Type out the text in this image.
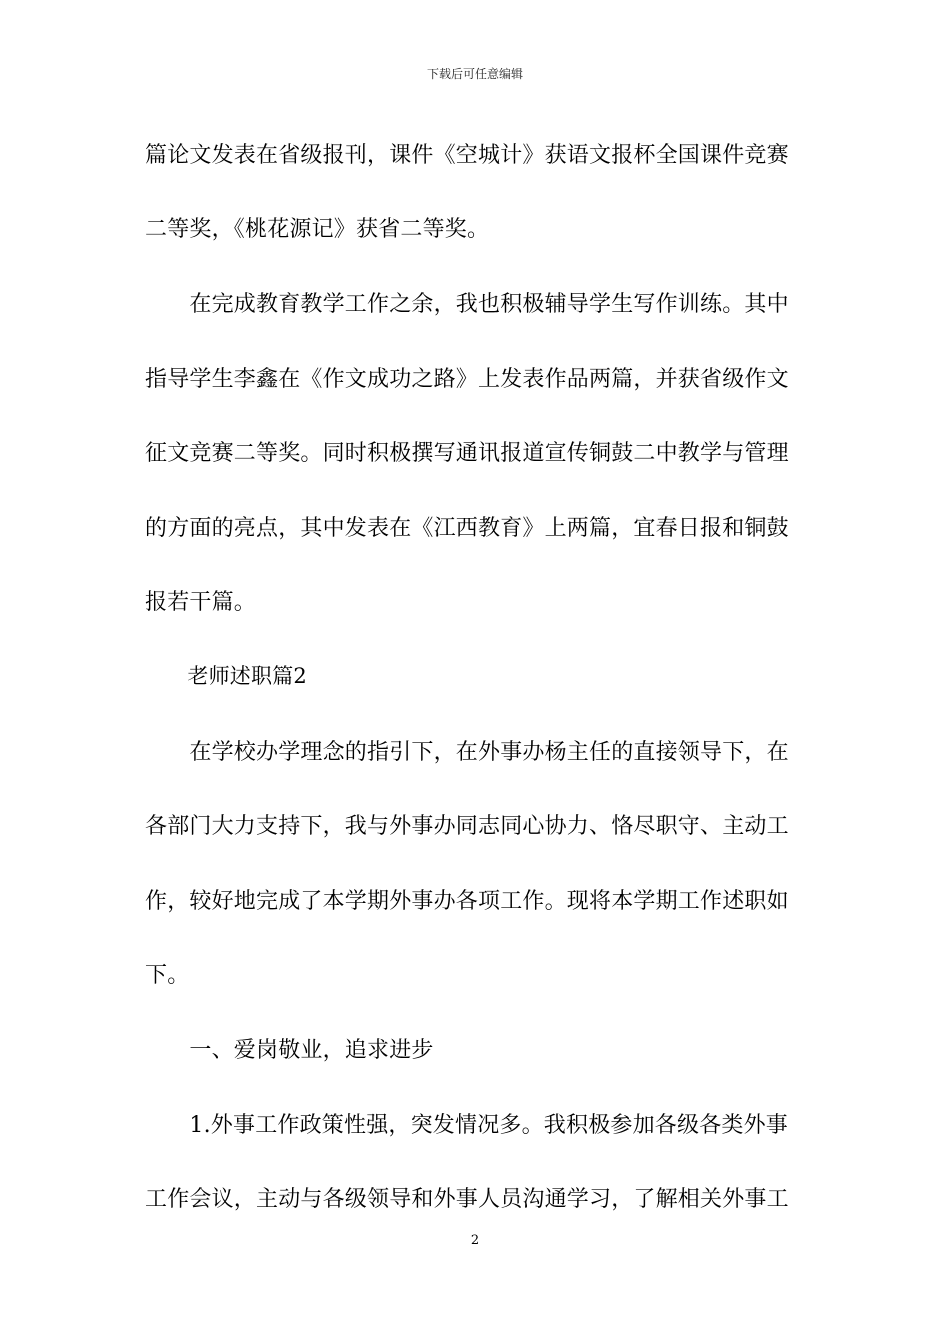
下载后可任意编辑
篇论文发表在省级报刊，课件《空城计》获语文报杯全国课件竞赛
二等奖，《桃花源记》获省二等奖。
　　在完成教育教学工作之余，我也积极辅导学生写作训练。其中
指导学生李鑫在《作文成功之路》上发表作品两篇，并获省级作文
征文竞赛二等奖。同时积极撰写通讯报道宣传铜鼓二中教学与管理
的方面的亮点，其中发表在《江西教育》上两篇，宜春日报和铜鼓
报若干篇。
　　老师述职篇2
　　在学校办学理念的指引下，在外事办杨主任的直接领导下，在
各部门大力支持下，我与外事办同志同心协力、恪尽职守、主动工
作，较好地完成了本学期外事办各项工作。现将本学期工作述职如
下。
　　一、爱岗敬业，追求进步
　　1.外事工作政策性强，突发情况多。我积极参加各级各类外事
工作会议，主动与各级领导和外事人员沟通学习，了解相关外事工
2
